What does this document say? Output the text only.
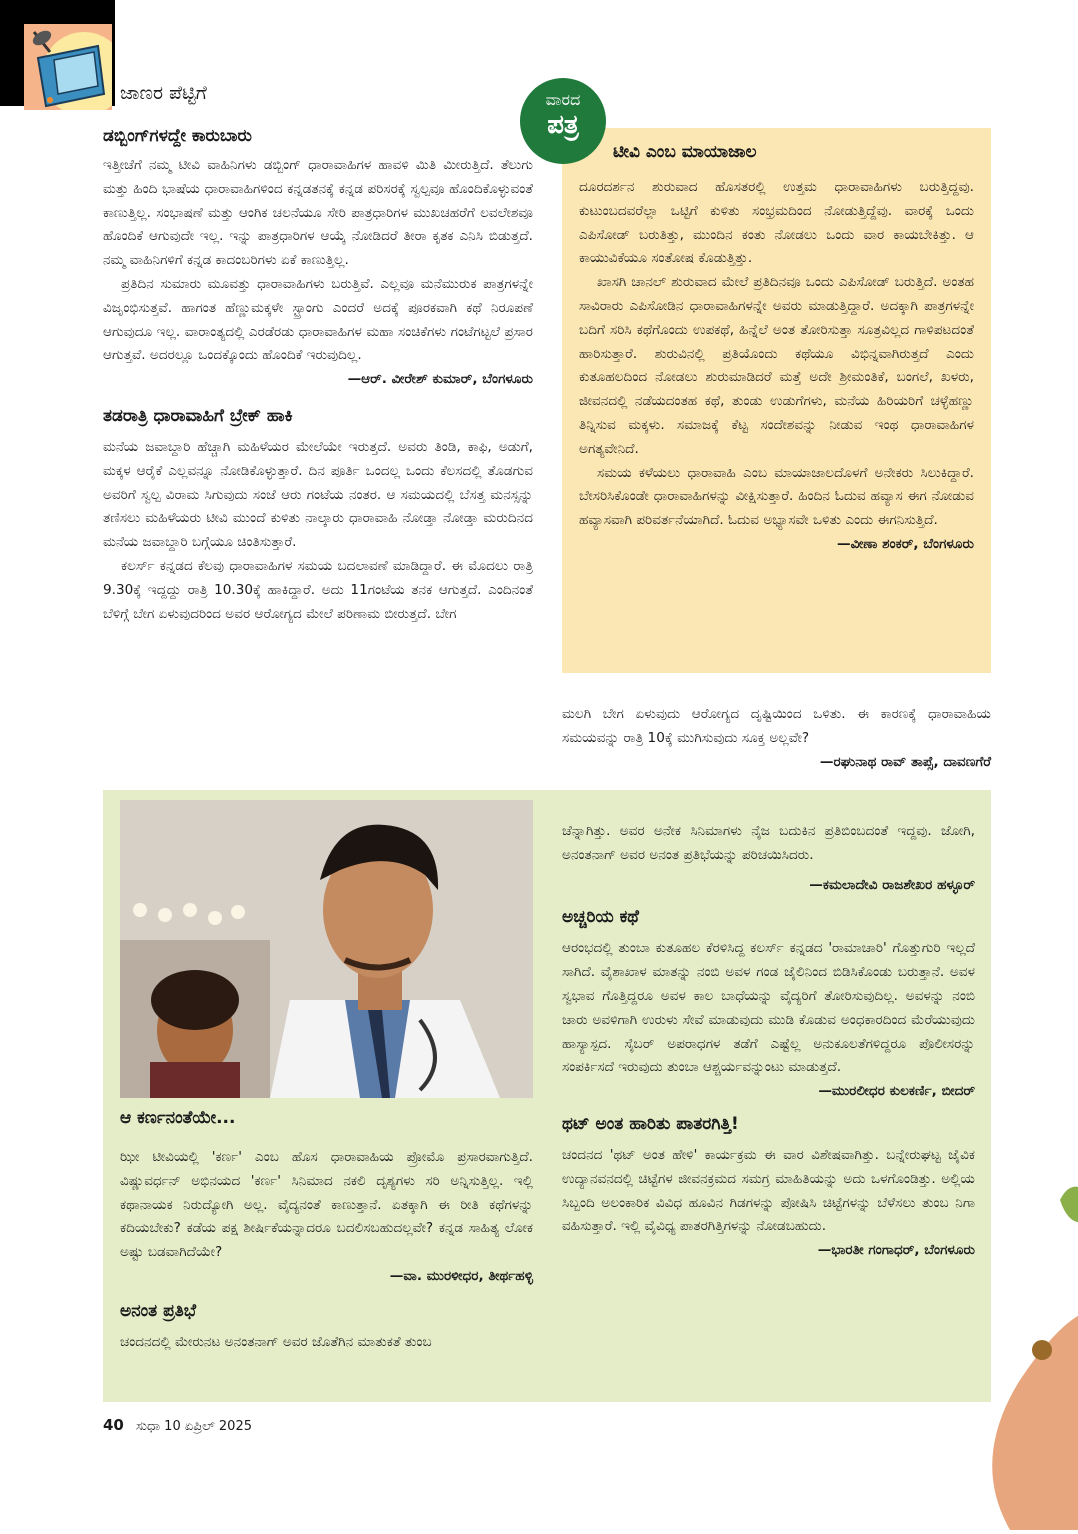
ಜಾಣರ ಪೆಟ್ಟಿಗೆ	ವಾರದ
ಪತ್ರ

ಡಬ್ಬಿಂಗ್‌ಗಳದ್ದೇ ಕಾರುಬಾರು

ಇತ್ತೀಚೆಗೆ ನಮ್ಮ ಟೀವಿ ವಾಹಿನಿಗಳು ಡಬ್ಬಿಂಗ್ ಧಾರಾವಾಹಿಗಳ ಹಾವಳಿ ಮಿತಿ ಮೀರುತ್ತಿದೆ. ತೆಲುಗು ಮತ್ತು ಹಿಂದಿ ಭಾಷೆಯ ಧಾರಾವಾಹಿಗಳಿಂದ ಕನ್ನಡತನಕ್ಕೆ ಕನ್ನಡ ಪರಿಸರಕ್ಕೆ ಸ್ವಲ್ಪವೂ ಹೊಂದಿಕೊಳ್ಳುವಂತೆ ಕಾಣುತ್ತಿಲ್ಲ. ಸಂಭಾಷಣೆ ಮತ್ತು ಆಂಗಿಕ ಚಲನೆಯೂ ಸೇರಿ ಪಾತ್ರಧಾರಿಗಳ ಮುಖಚಹರೆಗೆ ಲವಲೇಶವೂ ಹೊಂದಿಕೆ ಆಗುವುದೇ ಇಲ್ಲ. ಇನ್ನು ಪಾತ್ರಧಾರಿಗಳ ಆಯ್ಕೆ ನೋಡಿದರೆ ತೀರಾ ಕೃತಕ ಎನಿಸಿ ಬಿಡುತ್ತದೆ. ನಮ್ಮ ವಾಹಿನಿಗಳಿಗೆ ಕನ್ನಡ ಕಾದಂಬರಿಗಳು ಏಕೆ ಕಾಣುತ್ತಿಲ್ಲ.

ಪ್ರತಿದಿನ ಸುಮಾರು ಮೂವತ್ತು ಧಾರಾವಾಹಿಗಳು ಬರುತ್ತಿವೆ. ಎಲ್ಲವೂ ಮನೆಮುರುಕ ಪಾತ್ರಗಳನ್ನೇ ವಿಜೃಂಭಿಸುತ್ತವೆ. ಹಾಗಂತ ಹೆಣ್ಣುಮಕ್ಕಳೇ ಸ್ಟ್ರಾಂಗು ಎಂದರೆ ಅದಕ್ಕೆ ಪೂರಕವಾಗಿ ಕಥೆ ನಿರೂಪಣೆ ಆಗುವುದೂ ಇಲ್ಲ. ವಾರಾಂತ್ಯದಲ್ಲಿ ಎರಡೆರಡು ಧಾರಾವಾಹಿಗಳ ಮಹಾ ಸಂಚಿಕೆಗಳು ಗಂಟೆಗಟ್ಟಲೆ ಪ್ರಸಾರ ಆಗುತ್ತವೆ. ಅದರಲ್ಲೂ ಒಂದಕ್ಕೊಂದು ಹೊಂದಿಕೆ ಇರುವುದಿಲ್ಲ.

—ಆರ್. ವೀರೇಶ್ ಕುಮಾರ್, ಬೆಂಗಳೂರು

ತಡರಾತ್ರಿ ಧಾರಾವಾಹಿಗೆ ಬ್ರೇಕ್ ಹಾಕಿ

ಮನೆಯ ಜವಾಬ್ದಾರಿ ಹೆಚ್ಚಾಗಿ ಮಹಿಳೆಯರ ಮೇಲೆಯೇ ಇರುತ್ತದೆ. ಅವರು ತಿಂಡಿ, ಕಾಫಿ, ಅಡುಗೆ, ಮಕ್ಕಳ ಆರೈಕೆ ಎಲ್ಲವನ್ನೂ ನೋಡಿಕೊಳ್ಳುತ್ತಾರೆ. ದಿನ ಪೂರ್ತಿ ಒಂದಲ್ಲ ಒಂದು ಕೆಲಸದಲ್ಲಿ ತೊಡಗುವ ಅವರಿಗೆ ಸ್ವಲ್ಪ ವಿರಾಮ ಸಿಗುವುದು ಸಂಜೆ ಆರು ಗಂಟೆಯ ನಂತರ. ಆ ಸಮಯದಲ್ಲಿ ಬೆಸತ್ತ ಮನಸ್ಸನ್ನು ತಣಿಸಲು ಮಹಿಳೆಯರು ಟೀವಿ ಮುಂದೆ ಕುಳಿತು ನಾಲ್ಕಾರು ಧಾರಾವಾಹಿ ನೋಡ್ತಾ ನೋಡ್ತಾ ಮರುದಿನದ ಮನೆಯ ಜವಾಬ್ದಾರಿ ಬಗ್ಗೆಯೂ ಚಿಂತಿಸುತ್ತಾರೆ.

ಕಲರ್ಸ್ ಕನ್ನಡದ ಕೆಲವು ಧಾರಾವಾಹಿಗಳ ಸಮಯ ಬದಲಾವಣೆ ಮಾಡಿದ್ದಾರೆ. ಈ ಮೊದಲು ರಾತ್ರಿ 9.30ಕ್ಕೆ ಇದ್ದದ್ದು ರಾತ್ರಿ 10.30ಕ್ಕೆ ಹಾಕಿದ್ದಾರೆ. ಅದು 11ಗಂಟೆಯ ತನಕ ಆಗುತ್ತದೆ. ಎಂದಿನಂತೆ ಬೆಳಿಗ್ಗೆ ಬೇಗ ಏಳುವುದರಿಂದ ಅವರ ಆರೋಗ್ಯದ ಮೇಲೆ ಪರಿಣಾಮ ಬೀರುತ್ತದೆ. ಬೇಗ

ಟೀವಿ ಎಂಬ ಮಾಯಾಜಾಲ

ದೂರದರ್ಶನ ಶುರುವಾದ ಹೊಸತರಲ್ಲಿ ಉತ್ತಮ ಧಾರಾವಾಹಿಗಳು ಬರುತ್ತಿದ್ದವು. ಕುಟುಂಬದವರೆಲ್ಲಾ ಒಟ್ಟಿಗೆ ಕುಳಿತು ಸಂಭ್ರಮದಿಂದ ನೋಡುತ್ತಿದ್ದೆವು. ವಾರಕ್ಕೆ ಒಂದು ಎಪಿಸೋಡ್ ಬರುತಿತ್ತು, ಮುಂದಿನ ಕಂತು ನೋಡಲು ಒಂದು ವಾರ ಕಾಯಬೇಕಿತ್ತು. ಆ ಕಾಯುವಿಕೆಯೂ ಸಂತೋಷ ಕೊಡುತ್ತಿತ್ತು.

ಖಾಸಗಿ ಚಾನಲ್ ಶುರುವಾದ ಮೇಲೆ ಪ್ರತಿದಿನವೂ ಒಂದು ಎಪಿಸೋಡ್ ಬರುತ್ತಿದೆ. ಅಂತಹ ಸಾವಿರಾರು ಎಪಿಸೋಡಿನ ಧಾರಾವಾಹಿಗಳನ್ನೇ ಅವರು ಮಾಡುತ್ತಿದ್ದಾರೆ. ಅದಕ್ಕಾಗಿ ಪಾತ್ರಗಳನ್ನೇ ಬದಿಗೆ ಸರಿಸಿ ಕಥೆಗೊಂದು ಉಪಕಥೆ, ಹಿನ್ನೆಲೆ ಅಂತ ತೋರಿಸುತ್ತಾ ಸೂತ್ರವಿಲ್ಲದ ಗಾಳಿಪಟದಂತೆ ಹಾರಿಸುತ್ತಾರೆ. ಶುರುವಿನಲ್ಲಿ ಪ್ರತಿಯೊಂದು ಕಥೆಯೂ ವಿಭಿನ್ನವಾಗಿರುತ್ತದೆ ಎಂದು ಕುತೂಹಲದಿಂದ ನೋಡಲು ಶುರುಮಾಡಿದರೆ ಮತ್ತೆ ಅದೇ ಶ್ರೀಮಂತಿಕೆ, ಬಂಗಲೆ, ಖಳರು, ಜೀವನದಲ್ಲಿ ನಡೆಯದಂತಹ ಕಥೆ, ತುಂಡು ಉಡುಗೆಗಳು, ಮನೆಯ ಹಿರಿಯರಿಗೆ ಚಳ್ಳೆಹಣ್ಣು ತಿನ್ನಿಸುವ ಮಕ್ಕಳು. ಸಮಾಜಕ್ಕೆ ಕೆಟ್ಟ ಸಂದೇಶವನ್ನು ನೀಡುವ ಇಂಥ ಧಾರಾವಾಹಿಗಳ ಅಗತ್ಯವೇನಿದೆ.

ಸಮಯ ಕಳೆಯಲು ಧಾರಾವಾಹಿ ಎಂಬ ಮಾಯಾಜಾಲದೊಳಗೆ ಅನೇಕರು ಸಿಲುಕಿದ್ದಾರೆ. ಬೇಸರಿಸಿಕೊಂಡೇ ಧಾರಾವಾಹಿಗಳನ್ನು ವೀಕ್ಷಿಸುತ್ತಾರೆ. ಹಿಂದಿನ ಓದುವ ಹವ್ಯಾಸ ಈಗ ನೋಡುವ ಹವ್ಯಾಸವಾಗಿ ಪರಿವರ್ತನೆಯಾಗಿದೆ. ಓದುವ ಅಭ್ಯಾಸವೇ ಒಳಿತು ಎಂದು ಈಗನಿಸುತ್ತಿದೆ.

—ವೀಣಾ ಶಂಕರ್, ಬೆಂಗಳೂರು

ಮಲಗಿ ಬೇಗ ಏಳುವುದು ಆರೋಗ್ಯದ ದೃಷ್ಟಿಯಿಂದ ಒಳಿತು. ಈ ಕಾರಣಕ್ಕೆ ಧಾರಾವಾಹಿಯ ಸಮಯವನ್ನು ರಾತ್ರಿ 10ಕ್ಕೆ ಮುಗಿಸುವುದು ಸೂಕ್ತ ಅಲ್ಲವೇ?

—ರಘುನಾಥ ರಾವ್ ತಾಪ್ಸೆ, ದಾವಣಗೆರೆ

ಆ ಕರ್ಣನಂತೆಯೇ...

ಝೀ ಟೀವಿಯಲ್ಲಿ 'ಕರ್ಣ' ಎಂಬ ಹೊಸ ಧಾರಾವಾಹಿಯ ಪ್ರೋಮೊ ಪ್ರಸಾರವಾಗುತ್ತಿದೆ. ವಿಷ್ಣುವರ್ಧನ್ ಅಭಿನಯದ 'ಕರ್ಣ' ಸಿನಿಮಾದ ನಕಲಿ ದೃಶ್ಯಗಳು ಸರಿ ಅನ್ನಿಸುತ್ತಿಲ್ಲ. ಇಲ್ಲಿ ಕಥಾನಾಯಕ ನಿರುದ್ಯೋಗಿ ಅಲ್ಲ. ವೈದ್ಯನಂತೆ ಕಾಣುತ್ತಾನೆ. ಏತಕ್ಕಾಗಿ ಈ ರೀತಿ ಕಥೆಗಳನ್ನು ಕದಿಯಬೇಕು? ಕಡೆಯ ಪಕ್ಷ ಶೀರ್ಷಿಕೆಯನ್ನಾದರೂ ಬದಲಿಸಬಹುದಲ್ಲವೇ? ಕನ್ನಡ ಸಾಹಿತ್ಯ ಲೋಕ ಅಷ್ಟು ಬಡವಾಗಿದೆಯೇ?

—ವಾ. ಮುರಳೀಧರ, ತೀರ್ಥಹಳ್ಳಿ

ಅನಂತ ಪ್ರತಿಭೆ

ಚಂದನದಲ್ಲಿ ಮೇರುನಟ ಅನಂತನಾಗ್ ಅವರ ಜೊತೆಗಿನ ಮಾತುಕತೆ ತುಂಬ

ಚೆನ್ನಾಗಿತ್ತು. ಅವರ ಅನೇಕ ಸಿನಿಮಾಗಳು ನೈಜ ಬದುಕಿನ ಪ್ರತಿಬಿಂಬದಂತೆ ಇದ್ದವು. ಜೋಗಿ, ಅನಂತನಾಗ್ ಅವರ ಅನಂತ ಪ್ರತಿಭೆಯನ್ನು ಪರಿಚಯಿಸಿದರು.

—ಕಮಲಾದೇವಿ ರಾಜಶೇಖರ ಹಳ್ಳೂರ್

ಅಚ್ಚರಿಯ ಕಥೆ

ಆರಂಭದಲ್ಲಿ ತುಂಬಾ ಕುತೂಹಲ ಕೆರಳಿಸಿದ್ದ ಕಲರ್ಸ್ ಕನ್ನಡದ 'ರಾಮಾಚಾರಿ' ಗೊತ್ತುಗುರಿ ಇಲ್ಲದೆ ಸಾಗಿದೆ. ವೈಶಾಖಾಳ ಮಾತನ್ನು ನಂಬಿ ಅವಳ ಗಂಡ ಜೈಲಿನಿಂದ ಬಿಡಿಸಿಕೊಂಡು ಬರುತ್ತಾನೆ. ಅವಳ ಸ್ವಭಾವ ಗೊತ್ತಿದ್ದರೂ ಅವಳ ಕಾಲ ಬಾಧೆಯನ್ನು ವೈದ್ಯರಿಗೆ ತೋರಿಸುವುದಿಲ್ಲ. ಅವಳನ್ನು ನಂಬಿ ಚಾರು ಅವಳಿಗಾಗಿ ಉರುಳು ಸೇವೆ ಮಾಡುವುದು ಮುಡಿ ಕೊಡುವ ಅಂಧಕಾರದಿಂದ ಮೆರೆಯುವುದು ಹಾಸ್ಯಾಸ್ಪದ. ಸೈಬರ್ ಅಪರಾಧಗಳ ತಡೆಗೆ ಎಷ್ಟೆಲ್ಲ ಅನುಕೂಲತೆಗಳಿದ್ದರೂ ಪೊಲೀಸರನ್ನು ಸಂಪರ್ಕಿಸದೆ ಇರುವುದು ತುಂಬಾ ಆಶ್ಚರ್ಯವನ್ನುಂಟು ಮಾಡುತ್ತದೆ.

—ಮುರಲೀಧರ ಕುಲಕರ್ಣಿ, ಬೀದರ್

ಥಟ್ ಅಂತ ಹಾರಿತು ಪಾತರಗಿತ್ತಿ!

ಚಂದನದ 'ಥಟ್ ಅಂತ ಹೇಳಿ' ಕಾರ್ಯಕ್ರಮ ಈ ವಾರ ವಿಶೇಷವಾಗಿತ್ತು. ಬನ್ನೇರುಘಟ್ಟ ಜೈವಿಕ ಉದ್ಯಾನವನದಲ್ಲಿ ಚಿಟ್ಟೆಗಳ ಜೀವನಕ್ರಮದ ಸಮಗ್ರ ಮಾಹಿತಿಯನ್ನು ಅದು ಒಳಗೊಂಡಿತ್ತು. ಅಲ್ಲಿಯ ಸಿಬ್ಬಂದಿ ಅಲಂಕಾರಿಕ ವಿವಿಧ ಹೂವಿನ ಗಿಡಗಳನ್ನು ಪೋಷಿಸಿ ಚಿಟ್ಟೆಗಳನ್ನು ಬೆಳೆಸಲು ತುಂಬ ನಿಗಾ ವಹಿಸುತ್ತಾರೆ. ಇಲ್ಲಿ ವೈವಿಧ್ಯ ಪಾತರಗಿತ್ತಿಗಳನ್ನು ನೋಡಬಹುದು.

—ಭಾರತೀ ಗಂಗಾಧರ್, ಬೆಂಗಳೂರು

40 ಸುಧಾ 10 ಏಪ್ರಿಲ್ 2025
